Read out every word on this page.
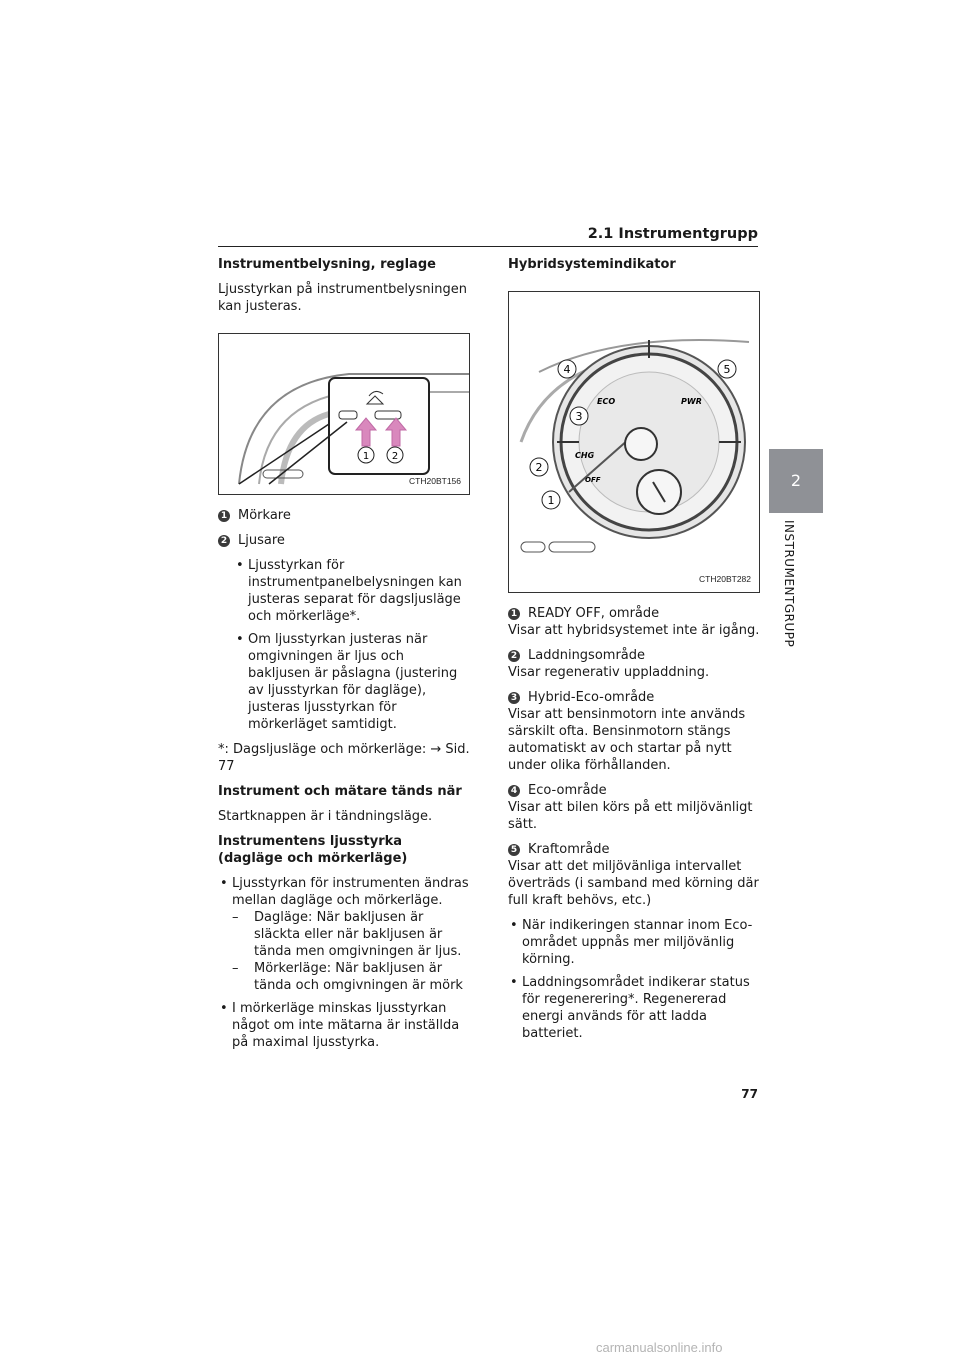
2.1 Instrumentgrupp

Instrumentbelysning, reglage

Ljusstyrkan på instrumentbelysningen kan justeras.

1 2
CTH20BT156
1 Mörkare
2 Ljusare
• Ljusstyrkan för instrumentpanelbelysningen kan justeras separat för dagsljusläge och mörkerläge*.
• Om ljusstyrkan justeras när omgivningen är ljus och bakljusen är påslagna (justering av ljusstyrkan för dagläge), justeras ljusstyrkan för mörkerläget samtidigt.

*: Dagsljusläge och mörkerläge: → Sid. 77

Instrument och mätare tänds när

Startknappen är i tändningsläge.

Instrumentens ljusstyrka (dagläge och mörkerläge)

• Ljusstyrkan för instrumenten ändras mellan dagläge och mörkerläge.
– Dagläge: När bakljusen är släckta eller när bakljusen är tända men omgivningen är ljus.
– Mörkerläge: När bakljusen är tända och omgivningen är mörk
• I mörkerläge minskas ljusstyrkan något om inte mätarna är inställda på maximal ljusstyrka.

Hybridsystemindikator

ECO	PWR
CHG
OFF
1
2
3
4	5
CTH20BT282
1 READY OFF, område
Visar att hybridsystemet inte är igång.
2 Laddningsområde
Visar regenerativ uppladdning.
3 Hybrid-Eco-område
Visar att bensinmotorn inte används särskilt ofta. Bensinmotorn stängs automatiskt av och startar på nytt under olika förhållanden.
4 Eco-område
Visar att bilen körs på ett miljövänligt sätt.
5 Kraftområde
Visar att det miljövänliga intervallet överträds (i samband med körning där full kraft behövs, etc.)
• När indikeringen stannar inom Eco-området uppnås mer miljövänlig körning.
• Laddningsområdet indikerar status för regenerering*. Regenererad energi används för att ladda batteriet.
2
INSTRUMENTGRUPP
77
carmanualsonline.info
